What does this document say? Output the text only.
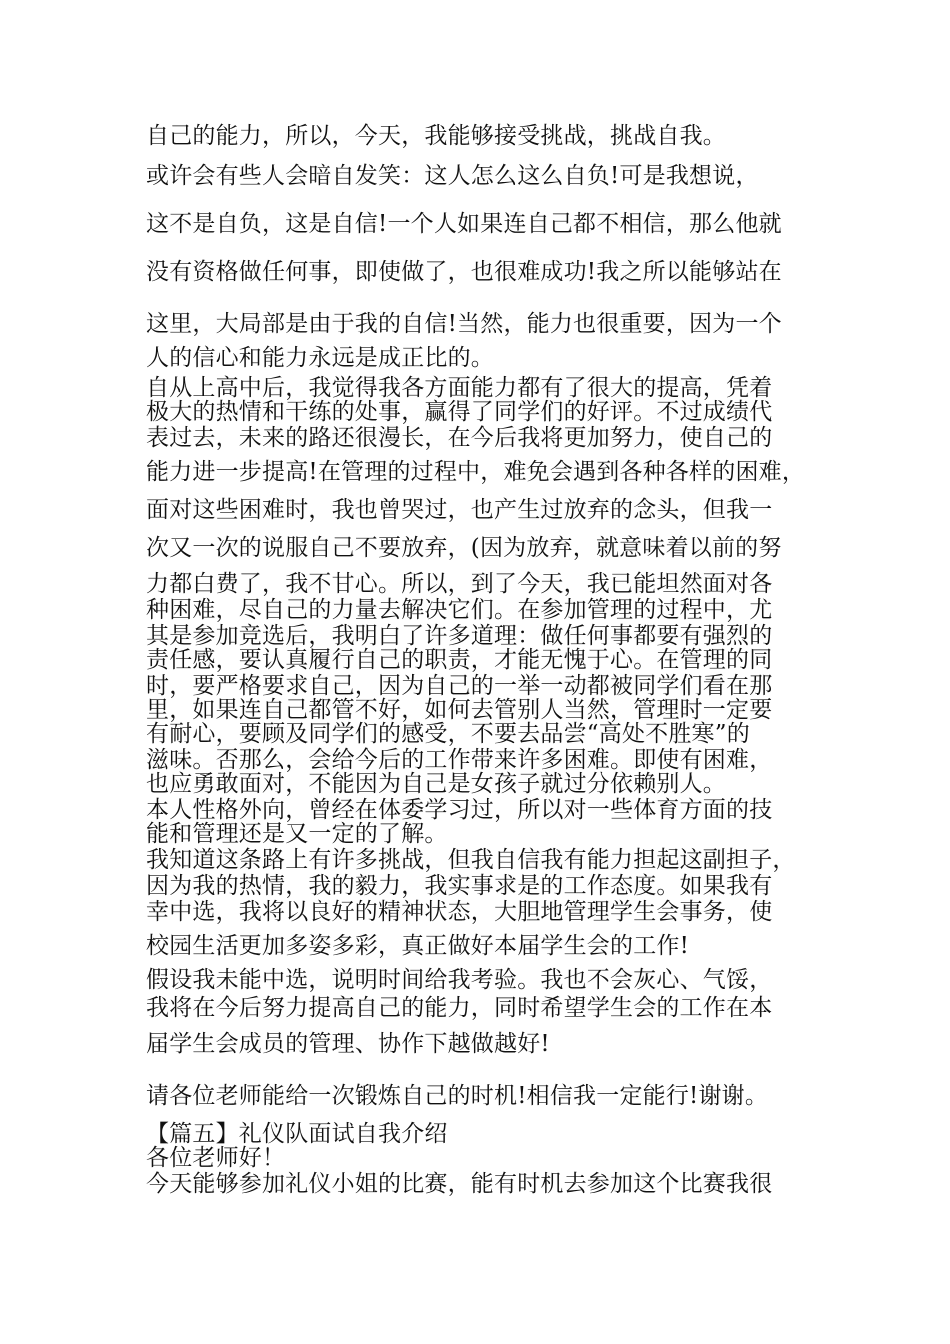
自己的能力，所以，今天，我能够接受挑战，挑战自我。
或许会有些人会暗自发笑：这人怎么这么自负!可是我想说，
这不是自负，这是自信!一个人如果连自己都不相信，那么他就
没有资格做任何事，即使做了，也很难成功!我之所以能够站在
这里，大局部是由于我的自信!当然，能力也很重要，因为一个
人的信心和能力永远是成正比的。
自从上高中后，我觉得我各方面能力都有了很大的提高，凭着
极大的热情和干练的处事，赢得了同学们的好评。不过成绩代
表过去，未来的路还很漫长，在今后我将更加努力，使自己的
能力进一步提高!在管理的过程中，难免会遇到各种各样的困难，
面对这些困难时，我也曾哭过，也产生过放弃的念头，但我一
次又一次的说服自己不要放弃，(因为放弃，就意味着以前的努
力都白费了，我不甘心。所以，到了今天，我已能坦然面对各
种困难，尽自己的力量去解决它们。在参加管理的过程中，尤
其是参加竞选后，我明白了许多道理：做任何事都要有强烈的
责任感，要认真履行自己的职责，才能无愧于心。在管理的同
时，要严格要求自己，因为自己的一举一动都被同学们看在那
里，如果连自己都管不好，如何去管别人当然，管理时一定要
有耐心，要顾及同学们的感受，不要去品尝“高处不胜寒”的
滋味。否那么，会给今后的工作带来许多困难。即使有困难，
也应勇敢面对，不能因为自己是女孩子就过分依赖别人。
本人性格外向，曾经在体委学习过，所以对一些体育方面的技
能和管理还是又一定的了解。
我知道这条路上有许多挑战，但我自信我有能力担起这副担子，
因为我的热情，我的毅力，我实事求是的工作态度。如果我有
幸中选，我将以良好的精神状态，大胆地管理学生会事务，使
校园生活更加多姿多彩，真正做好本届学生会的工作!
假设我未能中选，说明时间给我考验。我也不会灰心、气馁，
我将在今后努力提高自己的能力，同时希望学生会的工作在本
届学生会成员的管理、协作下越做越好!
请各位老师能给一次锻炼自己的时机!相信我一定能行!谢谢。
【篇五】礼仪队面试自我介绍
各位老师好！
今天能够参加礼仪小姐的比赛，能有时机去参加这个比赛我很
